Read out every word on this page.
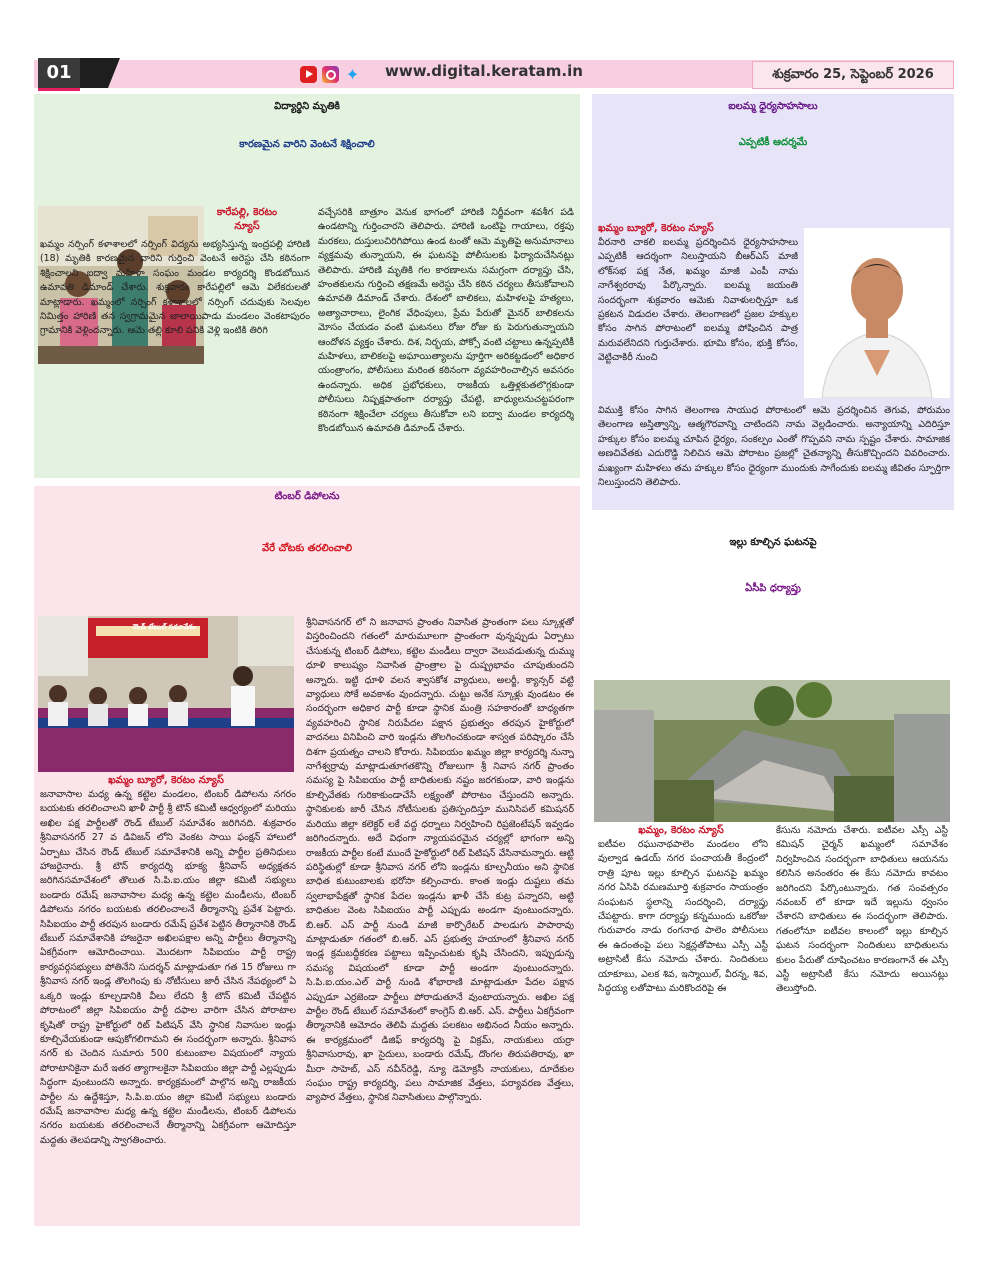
01	✦	www.digital.keratam.in	శుక్రవారం 25, సెప్టెంబర్ 2026
విద్యార్థిని మృతికి
కారణమైన వారిని వెంటనే శిక్షించాలి
కారేపల్లి, కెరటం న్యూస్
ఖమ్మం నర్సింగ్ కళాశాలలో నర్సింగ్ విద్యను అభ్యసిస్తున్న ఇంద్రపల్లి హారిణి (18) మృతికి కారణమైన వారిని గుర్తించి వెంటనే అరెస్టు చేసి కఠినంగా శిక్షించాలని ఐద్వా మహిళా సంఘం మండల కార్యదర్శి కొండబోయిన ఉమావతి డిమాండ్ చేశారు. శుక్రవారం కారేపల్లిలో ఆమె విలేకరులతో మాట్లాడారు. ఖమ్మంలో నర్సింగ్ కళాశాలలో నర్సింగ్ చదువుకు సెలవుల నిమిత్తం హారిణి తన స్వగ్రామమైన జాలాయిపాడు మండలం వెంకటాపురం గ్రామానికి వెళ్లిందన్నారు. ఆమె తల్లి కూలి పనికి వెళ్లి ఇంటికి తిరిగి
వచ్చేసరికి బాత్రూం వెనుక భాగంలో హారిణి నిర్జీవంగా శవశీగ పడి ఉండటాన్ని గుర్తించారని తెలిపారు. హారిణి ఒంటిపై గాయాలు, రక్తపు మరకలు, దుస్తులుచిరిగిపోయి ఉండ టంతో ఆమె మృతిపై అనుమానాలు వ్యక్తమవు తున్నాయని, ఈ ఘటనపై పోలీసులకు ఫిర్యాదుచేసినట్లు తెలిపారు. హారిణి మృతికి గల కారణాలను సమగ్రంగా దర్యాప్తు చేసి, హంతకులను గుర్తించి తక్షణమే అరెస్టు చేసి కఠిన చర్యలు తీసుకోవాలని ఉమావతి డిమాండ్ చేశారు. దేశంలో బాలికలు, మహిళలపై హత్యలు, అత్యాచారాలు, లైంగిక వేధింపులు, ప్రేమ పేరుతో మైనర్ బాలికలను మోసం చేయడం వంటి ఘటనలు రోజు రోజు కు పెరుగుతున్నాయని ఆందోళన వ్యక్తం చేశారు. దిశ, నిర్భయ, పోక్సో వంటి చట్టాలు ఉన్నప్పటికీ మహిళలు, బాలికలపై అఘాయిత్యాలను పూర్తిగా అరికట్టడంలో అధికార యంత్రాంగం, పోలీసులు మరింత కఠినంగా వ్యవహరించాల్సిన అవసరం ఉందన్నారు. అధిక ప్రభోధకులు, రాజకీయ ఒత్తిళ్లకుతలొగ్గకుండా పోలీసులు నిష్పక్షపాతంగా దర్యాప్తు చేపట్టి, బాధ్యులనుచట్టపరంగా కఠినంగా శిక్షించేలా చర్యలు తీసుకోవా లని ఐద్వా మండల కార్యదర్శి కొండబోయిన ఉమావతి డిమాండ్ చేశారు.
ఐలమ్మ ధైర్యసాహసాలు
ఎప్పటికీ ఆదర్శమే
ఖమ్మం బ్యూరో, కెరటం న్యూస్
వీరనారి చాకలి ఐలమ్మ ప్రదర్శించిన ధైర్యసాహసాలు ఎప్పటికీ ఆదర్శంగా నిలుస్తాయని బీఆర్ఎస్ మాజీ లోక్‌సభ పక్ష నేత, ఖమ్మం మాజీ ఎంపీ నామ నాగేశ్వరరావు పేర్కొన్నారు. ఐలమ్మ జయంతి సందర్భంగా శుక్రవారం ఆమెకు నివాళులర్పిస్తూ ఒక ప్రకటన విడుదల చేశారు. తెలంగాణలో ప్రజల హక్కుల కోసం సాగిన పోరాటంలో ఐలమ్మ పోషించిన పాత్ర మరువలేనిదని గుర్తుచేశారు. భూమి కోసం, భుక్తి కోసం, వెట్టిచాకిరీ నుంచి
విముక్తి కోసం సాగిన తెలంగాణ సాయుధ పోరాటంలో ఆమె ప్రదర్శించిన తెగువ, పోరుమం తెలంగాణ అస్తిత్వాన్ని, ఆత్మగౌరవాన్ని చాటిందని నామ వెల్లడించారు. అన్యాయాన్ని ఎదిరిస్తూ హక్కుల కోసం ఐలమ్మ చూపిన ధైర్యం, సంకల్పం ఎంతో గొప్పవని నామ స్పష్టం చేశారు. సామాజిక అణచివేతకు ఎదురొడ్డి నిలిచిన ఆమె పోరాటం ప్రజల్లో చైతన్యాన్ని తీసుకొచ్చిందని వివరించారు. మఖ్యంగా మహిళలు తమ హక్కుల కోసం ధైర్యంగా ముందుకు సాగేందుకు ఐలమ్మ జీవితం స్ఫూర్తిగా నిలుస్తుందని తెలిపారు.
టింబర్ డిపోలను
వేరే చోటకు తరలించాలి
రౌండ్ టేబుల్ సమావేశం
ఖమ్మం బ్యూరో, కెరటం న్యూస్
జనావాసాల మధ్య ఉన్న కట్టెల మండలం, టింబర్ డిపోలను నగరం బయటకు తరలించాలని ఖాళీ పార్టీ శ్రీ టౌన్ కమిటీ ఆధ్వర్యంలో మరియు అఖిల పక్ష పార్టీలతో రౌండ్ టేబుల్ సమావేశం జరిగినది. శుక్రవారం శ్రీనివాసనగర్ 27 వ డివిజన్ లోని వెంకట సాయి ఫంక్షన్ హాలులో ఏర్పాటు చేసిన రౌండ్ టేబుల్ సమావేశానికి అన్ని పార్టీల ప్రతినిధులు హాజరైనారు. శ్రీ టౌన్ కార్యదర్శి భూక్య శ్రీనివాస్ అధ్యక్షతన జరిగినసమావేశంలో తొలుత సి.పి.ఐ.యం జిల్లా కమిటీ సభ్యులు బండారు రమేష్ జనావాసాల మధ్య ఉన్న కట్టెల మండీలను, టింబర్ డిపోలను నగరం బయటకు తరలించాలనే తీర్మానాన్ని ప్రవేశ పెట్టారు. సిపిఐయం పార్టీ తరపున బండారు రమేష్ ప్రవేశ పెట్టిన తీర్మానానికి రౌండ్ టేబుల్ సమావేశానికి హాజరైనా అఖిలపక్షాల అన్ని పార్టీలు తీర్మానాన్ని ఏకగ్రీవంగా ఆమోదించాయి. మొదటగా సిపిఐయం పార్టీ రాష్ట్ర కార్యవర్గసభ్యులు పోతినేని సుదర్శన్ మాట్లాడుతూ గత 15 రోజులు గా శ్రీనివాస నగర్ ఇండ్ల తొలగింపు కు నోటీసులు జారీ చేసిన నేపథ్యంలో ఏ ఒక్కరి ఇండ్లు కూల్చడానికి వీలు లేదని శ్రీ టౌన్ కమిటీ చేపట్టిన పోరాటంలో జిల్లా సిపిఐయం పార్టీ దఫాల వారిగా చేసిన పోరాటాల కృషితో రాష్ట్ర హైకోర్టులో రిట్ పిటిషన్ వేసి స్థానిక నివాసుల ఇండ్లు కూల్చివేయకుండా ఆపుకోగలిగామని ఈ సందర్భంగా అన్నారు. శ్రీనివాస నగర్ కు చెందిన సుమారు 500 కుటుంబాల విషయంలో న్యాయ పోరాటానికైనా మరే ఇతర త్యాగాలకైనా సిపిఐయం జిల్లా పార్టీ ఎల్లప్పుడు సిద్ధంగా వుంటుందని అన్నారు. కార్యక్రమంలో పాల్గొన అన్ని రాజకీయ పార్టీల ను ఉద్దేశిస్తూ, సి.పి.ఐ.యం జిల్లా కమిటీ సభ్యులు బండారు రమేష్ జనావాసాల మధ్య ఉన్న కట్టెల మండీలను, టింబర్ డిపోలను నగరం బయటకు తరలించాలనే తీర్మానాన్ని ఏకగ్రీవంగా ఆమోదిస్తూ మద్దతు తెలపడాన్ని స్వాగతించారు.
శ్రీనివాసనగర్ లో ని జనావాస ప్రాంతం నివాసిత ప్రాంతంగా పలు స్కూళ్లతో విస్తరించిందని గతంలో మారుమూలగా ప్రాంతంగా వున్నప్పుడు ఏర్పాటు చేసుకున్న టింబర్ డిపోలు, కట్టెల మండీలు ద్వారా వెలువడుతున్న దుమ్ము ధూళి కాలుష్యం నివాసిత ప్రాంత్రాల పై దుష్ప్రభావం చూపుతుందని అన్నారు. ఇట్టి ధూళి వలన శ్వాసకోశ వ్యాధులు, అలర్జీ, క్యాన్సర్ వట్టి వ్యాధులు సోకే అవకాశం వుందన్నారు. చుట్టు అనేక స్కూళ్లు వుండటం ఈ సందర్భంగా అధికార పార్టీ కూడా స్థానిక మంత్రి సహకారంతో బాధ్యతగా వ్యవహరించి స్థానిక నిరుపేదల పక్షాన ప్రభుత్వం తరపున హైకోర్టులో వాదనలు వినిపించి వారి ఇండ్లను తొలగించకుండా శాస్వత పరిష్కారం చేసే దిశగా ప్రయత్నం చాలని కోరారు. సిపిఐయం ఖమ్మం జిల్లా కార్యదర్శి నున్నా నాగేశ్వర్రావు మాట్లాడుతూగతకొన్ని రోజులుగా శ్రీ నివాస నగర్ ప్రాంతం సమస్య పై సిపిఐయం పార్టీ బాధితులకు నష్టం జరగకుండా, వారి ఇండ్లను కూల్చివేతకు గురికాకుండాచేసే లక్ష్యంతో పోరాటం చేస్తుందని అన్నారు. స్థానికులకు జారీ చేసిన నోటీసులకు ప్రతిస్పందిస్తూ మునిసిపల్ కమిషనర్ మరియు జిల్లా కలెక్టర్ లకే వద్ద ధర్నాలు నిర్వహించి రిప్రజెంటేషన్ ఇవ్వడం జరిగిందన్నారు. అదే విధంగా న్యాయపరమైన చర్యల్లో భాగంగా అన్ని రాజకీయ పార్టీల కంటే ముందే హైకోర్టులో రిట్ పిటిషన్ వేసినామన్నారు. ఆట్టి పరిస్థితుల్లో కూడా శ్రీనివాస నగర్ లోని ఇండ్లను కూల్చనీయం అని స్థానిక బాధిత కుటుంబాలకు భరోసా కల్పించారు. కాంత ఇండ్లు దుష్టలు తమ స్వలాభాపేక్షతో స్థానిక పేదల ఇండ్లను ఖాళీ చేసే కుట్ర పన్నారని, అట్టి బాధితుల వెంట సిపిఐయం పార్టీ ఎప్పుడు అండగా వుంటుందన్నారు. బి.ఆర్. ఎస్ పార్టీ నుండి మాజీ కార్పొరేటర్ పాలడుగు పాపారావు మాట్లాడుతూ గతంలో బి.ఆర్. ఎస్ ప్రభుత్వ హయాంలో శ్రీనివాస నగర్ ఇండ్ల క్రమబద్ధీకరణ పట్టాలు ఇప్పించుటకు కృషి చేసిందని, ఇప్పుడున్న సమస్య విషయంలో కూడా పార్టీ అండగా వుంటుందన్నారు. సి.పి.ఐ.యం.ఎల్ పార్టీ నుండి శోభారాణి మాట్లాడుతూ పేదల పక్షాన ఎప్పుడూ ఎర్రజెండా పార్టీలు పోరాడుతూనే వుంటాయన్నారు. అఖిల పక్ష పార్టీల రౌండ్ టేబుల్ సమావేశంలో కాంగ్రెస్ బి.ఆర్. ఎస్. పార్టీలు ఏకగ్రీవంగా తీర్మానానికి ఆమోదం తెలిపి మద్దతు పలకటం అభినంద నీయం అన్నారు. ఈ కార్యక్రమంలో డిజిఫ్ కార్యదర్శి పై విక్రమ్, నాయకులు యర్రా శ్రీనివాసురావు, ఖా సైదులు, బండారు రమేష్, దొంగల తిరుపతిరావు, ఖా మీరా సాహెబ్, ఎస్ నవీన్‌రెడ్డి, న్యూ డెమోక్రసీ నాయకులు, దూదేకుల సంఘం రాష్ట్ర కార్యదర్శి, పలు సామాజిక వేత్తలు, పర్యావరణ వేత్తలు, వ్యాపార వేత్తలు, స్థానిక నివాసితులు పాల్గొన్నారు.
ఇల్లు కూల్చిన ఘటనపై
ఏసీపి ధర్యాప్తు
ఖమ్మం, కెరటం న్యూస్
ఐటీవల రఘునాథపాలెం మండలం లోని వుల్వాడ ఉడయ్ నగర పంచాయతీ కేంద్రంలో రాత్రి పూట ఇల్లు కూల్చిన ఘటనపై ఖమ్మం నగర ఏసిపి రమణమూర్తి శుక్రవారం సాయంత్రం సంఘటన స్థలాన్ని సందర్శించి, దర్యాప్తు చేపట్టారు. కాగా దర్యాప్తు కన్నముందు ఒకరోజు గురువారం నాడు రంగనాథ పాలెం పోలీసులు ఈ ఉదంతంపై పలు సెక్షన్లతోపాటు ఎస్సీ ఎస్టీ అట్రాసిటీ కేసు నమోదు చేశారు. నిందితులు యాకూబు, ఎలక శివ, ఇస్మాయిల్, వీరన్న, శివ, సిద్ధయ్య లతోపాటు మరికొందరిపై ఈ
కేసును నమోదు చేశారు. ఐటీవల ఎస్సీ ఎస్టీ కమిషన్ చైర్మన్ ఖమ్మంలో సమావేశం నిర్వహించిన సందర్భంగా బాధితులు ఆయనను కలిసిన అనంతరం ఈ కేసు నమోదు కావటం జరిగిందని పేర్కొంటున్నారు. గత సంవత్సరం నవంబర్ లో కూడా ఇదే ఇల్లును ధ్వంసం చేశారని బాధితులు ఈ సందర్భంగా తెలిపారు. గతంలోనూ ఐటీవల కాలంలో ఇల్లు కూల్చిన ఘటన సందర్భంగా నిందితులు బాధితులను కులం పేరుతో దూషించటం కారణంగానే ఈ ఎస్సీ ఎస్టీ అట్రాసిటీ కేసు నమోదు అయినట్లు తెలుస్తోంది.
